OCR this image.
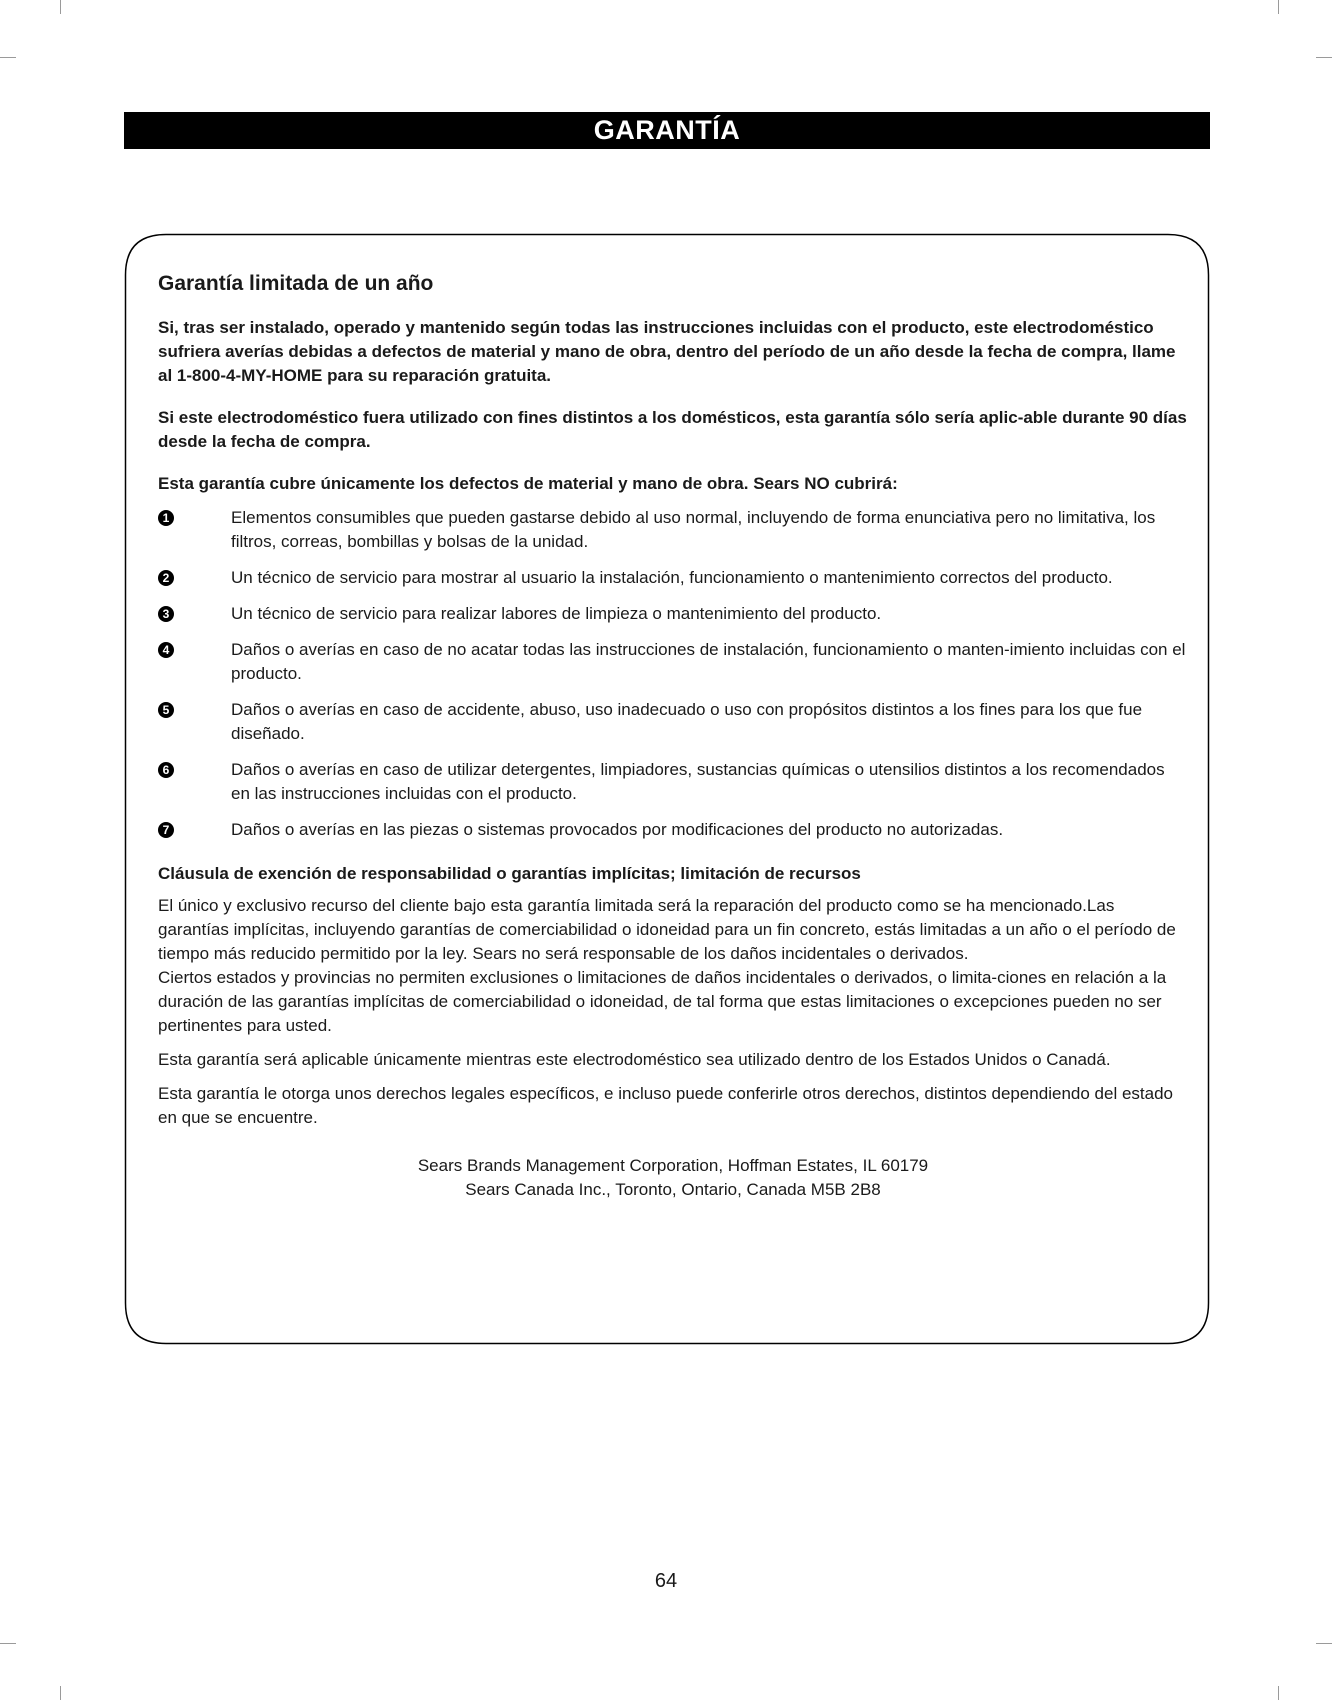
GARANTÍA
Garantía limitada de un año

Si, tras ser instalado, operado y mantenido según todas las instrucciones incluidas con el producto, este electrodoméstico sufriera averías debidas a defectos de material y mano de obra, dentro del período de un año desde la fecha de compra, llame al 1-800-4-MY-HOME para su reparación gratuita.

Si este electrodoméstico fuera utilizado con fines distintos a los domésticos, esta garantía sólo sería aplic-able durante 90 días desde la fecha de compra.

Esta garantía cubre únicamente los defectos de material y mano de obra. Sears NO cubrirá:

1	Elementos consumibles que pueden gastarse debido al uso normal, incluyendo de forma enunciativa pero no limitativa, los filtros, correas, bombillas y bolsas de la unidad.
2	Un técnico de servicio para mostrar al usuario la instalación, funcionamiento o mantenimiento correctos del producto.
3	Un técnico de servicio para realizar labores de limpieza o mantenimiento del producto.
4	Daños o averías en caso de no acatar todas las instrucciones de instalación, funcionamiento o manten-imiento incluidas con el producto.
5	Daños o averías en caso de accidente, abuso, uso inadecuado o uso con propósitos distintos a los fines para los que fue diseñado.
6	Daños o averías en caso de utilizar detergentes, limpiadores, sustancias químicas o utensilios distintos a los recomendados en las instrucciones incluidas con el producto.
7	Daños o averías en las piezas o sistemas provocados por modificaciones del producto no autorizadas.

Cláusula de exención de responsabilidad o garantías implícitas; limitación de recursos

El único y exclusivo recurso del cliente bajo esta garantía limitada será la reparación del producto como se ha mencionado.Las garantías implícitas, incluyendo garantías de comerciabilidad o idoneidad para un fin concreto, estás limitadas a un año o el período de tiempo más reducido permitido por la ley. Sears no será responsable de los daños incidentales o derivados.

Ciertos estados y provincias no permiten exclusiones o limitaciones de daños incidentales o derivados, o limita-ciones en relación a la duración de las garantías implícitas de comerciabilidad o idoneidad, de tal forma que estas limitaciones o excepciones pueden no ser pertinentes para usted.

Esta garantía será aplicable únicamente mientras este electrodoméstico sea utilizado dentro de los Estados Unidos o Canadá.

Esta garantía le otorga unos derechos legales específicos, e incluso puede conferirle otros derechos, distintos dependiendo del estado en que se encuentre.

Sears Brands Management Corporation, Hoffman Estates, IL 60179
Sears Canada Inc., Toronto, Ontario, Canada M5B 2B8
64
